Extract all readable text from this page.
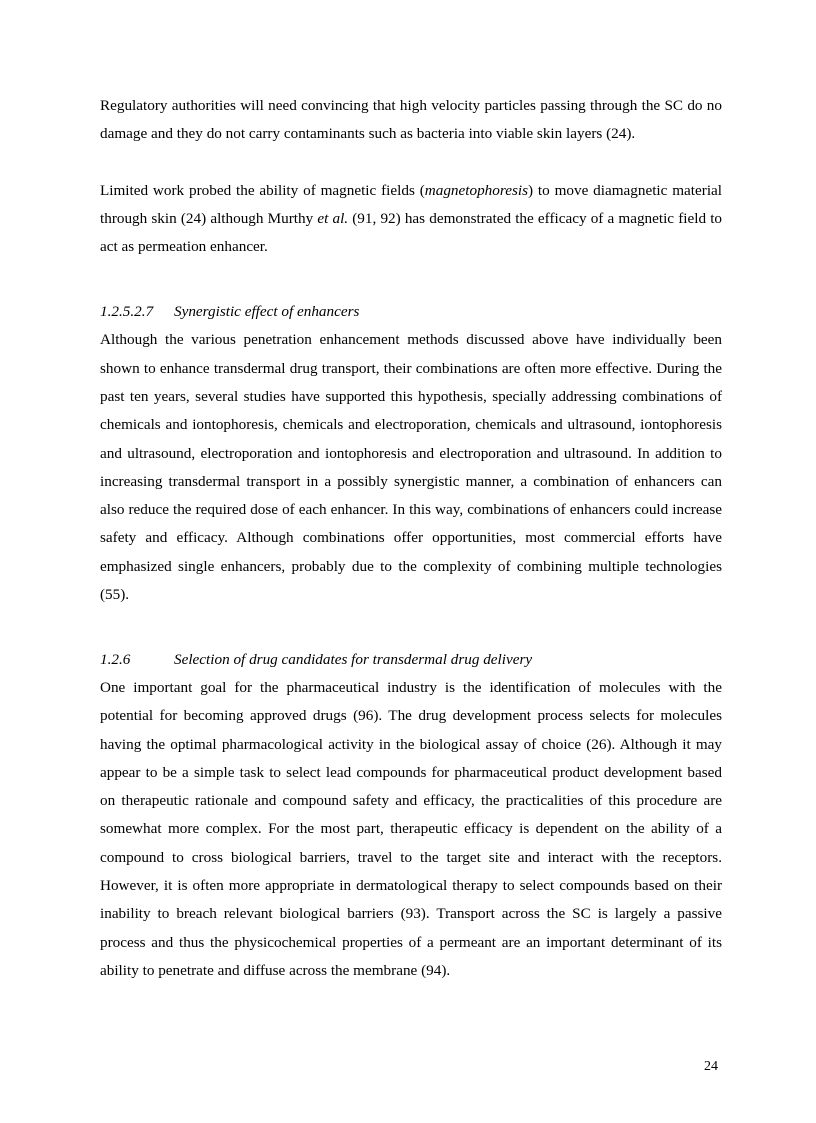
Regulatory authorities will need convincing that high velocity particles passing through the SC do no damage and they do not carry contaminants such as bacteria into viable skin layers (24).

Limited work probed the ability of magnetic fields (magnetophoresis) to move diamagnetic material through skin (24) although Murthy et al. (91, 92) has demonstrated the efficacy of a magnetic field to act as permeation enhancer.

1.2.5.2.7 Synergistic effect of enhancers

Although the various penetration enhancement methods discussed above have individually been shown to enhance transdermal drug transport, their combinations are often more effective. During the past ten years, several studies have supported this hypothesis, specially addressing combinations of chemicals and iontophoresis, chemicals and electroporation, chemicals and ultrasound, iontophoresis and ultrasound, electroporation and iontophoresis and electroporation and ultrasound. In addition to increasing transdermal transport in a possibly synergistic manner, a combination of enhancers can also reduce the required dose of each enhancer. In this way, combinations of enhancers could increase safety and efficacy. Although combinations offer opportunities, most commercial efforts have emphasized single enhancers, probably due to the complexity of combining multiple technologies (55).

1.2.6	Selection of drug candidates for transdermal drug delivery

One important goal for the pharmaceutical industry is the identification of molecules with the potential for becoming approved drugs (96). The drug development process selects for molecules having the optimal pharmacological activity in the biological assay of choice (26). Although it may appear to be a simple task to select lead compounds for pharmaceutical product development based on therapeutic rationale and compound safety and efficacy, the practicalities of this procedure are somewhat more complex. For the most part, therapeutic efficacy is dependent on the ability of a compound to cross biological barriers, travel to the target site and interact with the receptors. However, it is often more appropriate in dermatological therapy to select compounds based on their inability to breach relevant biological barriers (93). Transport across the SC is largely a passive process and thus the physicochemical properties of a permeant are an important determinant of its ability to penetrate and diffuse across the membrane (94).

24
